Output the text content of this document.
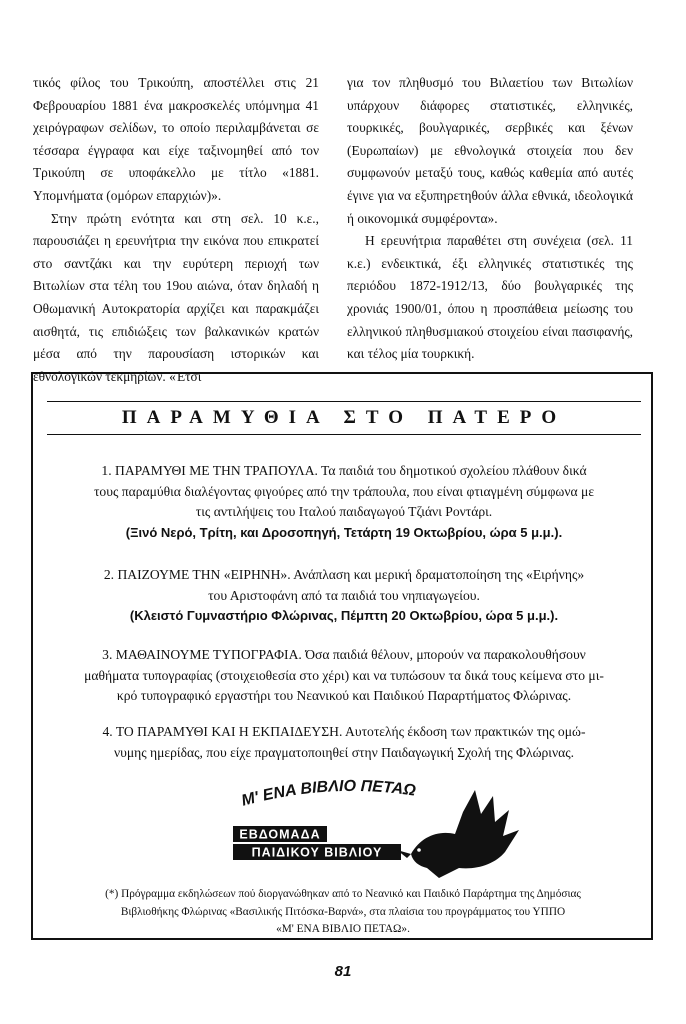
τικός φίλος του Τρικούπη, αποστέλλει στις 21 Φεβρουαρίου 1881 ένα μακροσκελές υπόμνημα 41 χειρόγραφων σελίδων, το οποίο περιλαμβάνεται σε τέσσαρα έγγραφα και είχε ταξινομηθεί από τον Τρικούπη σε υποφάκελλο με τίτλο «1881. Υπομνήματα (ομόρων επαρχιών)».

Στην πρώτη ενότητα και στη σελ. 10 κ.ε., παρουσιάζει η ερευνήτρια την εικόνα που επικρατεί στο σαντζάκι και την ευρύτερη περιοχή των Βιτωλίων στα τέλη του 19ου αιώνα, όταν δηλαδή η Οθωμανική Αυτοκρατορία αρχίζει και παρακμάζει αισθητά, τις επιδιώξεις των βαλκανικών κρατών μέσα από την παρουσίαση ιστορικών και εθνολογικών τεκμηρίων. «Έτσι

για τον πληθυσμό του Βιλαετίου των Βιτωλίων υπάρχουν διάφορες στατιστικές, ελληνικές, τουρκικές, βουλγαρικές, σερβικές και ξένων (Ευρωπαίων) με εθνολογικά στοιχεία που δεν συμφωνούν μεταξύ τους, καθώς καθεμία από αυτές έγινε για να εξυπηρετηθούν άλλα εθνικά, ιδεολογικά ή οικονομικά συμφέροντα».

Η ερευνήτρια παραθέτει στη συνέχεια (σελ. 11 κ.ε.) ενδεικτικά, έξι ελληνικές στατιστικές της περιόδου 1872-1912/13, δύο βουλγαρικές της χρονιάς 1900/01, όπου η προσπάθεια μείωσης του ελληνικού πληθυσμιακού στοιχείου είναι πασιφανής, και τέλος μία τουρκική.

ΠΑΡΑΜΥΘΙΑ ΣΤΟ ΠΑΤΕΡΟ

1. ΠΑΡΑΜΥΘΙ ΜΕ ΤΗΝ ΤΡΑΠΟΥΛΑ. Τα παιδιά του δημοτικού σχολείου πλάθουν δικά

τους παραμύθια διαλέγοντας φιγούρες από την τράπουλα, που είναι φτιαγμένη σύμφωνα με

τις αντιλήψεις του Ιταλού παιδαγωγού Τζιάνι Ροντάρι.

(Ξινό Νερό, Τρίτη, και Δροσοπηγή, Τετάρτη 19 Οκτωβρίου, ώρα 5 μ.μ.).

2. ΠΑΙΖΟΥΜΕ ΤΗΝ «ΕΙΡΗΝΗ». Ανάπλαση και μερική δραματοποίηση της «Ειρήνης»

του Αριστοφάνη από τα παιδιά του νηπιαγωγείου.

(Κλειστό Γυμναστήριο Φλώρινας, Πέμπτη 20 Οκτωβρίου, ώρα 5 μ.μ.).

3. ΜΑΘΑΙΝΟΥΜΕ ΤΥΠΟΓΡΑΦΙΑ. Όσα παιδιά θέλουν, μπορούν να παρακολουθήσουν

μαθήματα τυπογραφίας (στοιχειοθεσία στο χέρι) και να τυπώσουν τα δικά τους κείμενα στο μι-

κρό τυπογραφικό εργαστήρι του Νεανικού και Παιδικού Παραρτήματος Φλώρινας.

4. ΤΟ ΠΑΡΑΜΥΘΙ ΚΑΙ Η ΕΚΠΑΙΔΕΥΣΗ. Αυτοτελής έκδοση των πρακτικών της ομώ-

νυμης ημερίδας, που είχε πραγματοποιηθεί στην Παιδαγωγική Σχολή της Φλώρινας.

Μ' ΕΝΑ ΒΙΒΛΙΟ ΠΕΤΑΩ
ΕΒΔΟΜΑΔΑ
ΠΑΙΔΙΚΟΥ ΒΙΒΛΙΟΥ
(*) Πρόγραμμα εκδηλώσεων πού διοργανώθηκαν από το Νεανικό και Παιδικό Παράρτημα της Δημόσιας
Βιβλιοθήκης Φλώρινας «Βασιλικής Πιτόσκα-Βαρνά», στα πλαίσια του προγράμματος του ΥΠΠΟ
«Μ' ΕΝΑ ΒΙΒΛΙΟ ΠΕΤΑΩ».
81
